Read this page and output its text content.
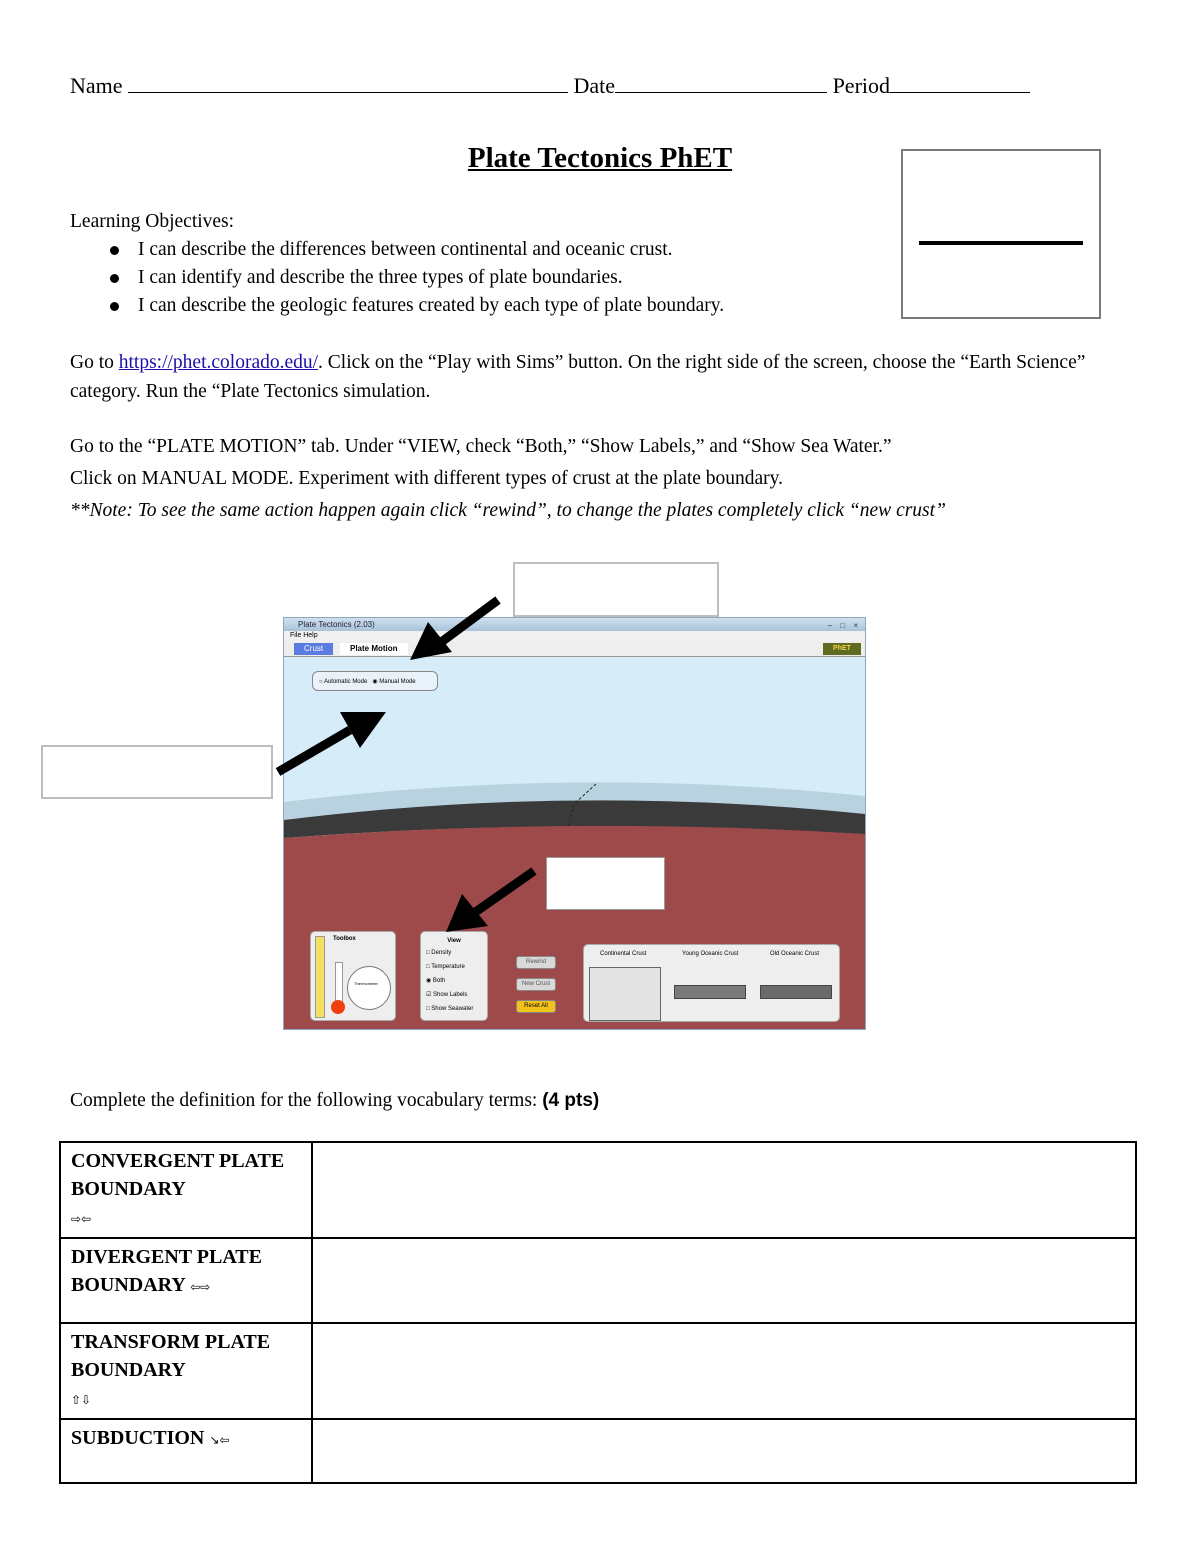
Name	Date	Period
Plate Tectonics PhET
Learning Objectives:
I can describe the differences between continental and oceanic crust.
I can identify and describe the three types of plate boundaries.
I can describe the geologic features created by each type of plate boundary.
Go to https://phet.colorado.edu/. Click on the “Play with Sims” button. On the right side of the screen, choose the “Earth Science” category. Run the “Plate Tectonics simulation.
Go to the “PLATE MOTION” tab. Under “VIEW, check “Both,” “Show Labels,” and “Show Sea Water.”
Click on MANUAL MODE. Experiment with different types of crust at the plate boundary.
**Note: To see the same action happen again click “rewind”, to change the plates completely click “new crust”
Plate Tectonics (2.03)	– □ ×
File Help
Crust	Plate Motion	PhET
○ Automatic Mode ◉ Manual Mode
Toolbox
Thermometer
View
□ Density
□ Temperature
◉ Both
☑ Show Labels
□ Show Seawater
Rewind
New Crust
Reset All
Continental Crust	Young Oceanic Crust	Old Oceanic Crust
Complete the definition for the following vocabulary terms: (4 pts)
CONVERGENT PLATE BOUNDARY
⇨⇦	
DIVERGENT PLATE BOUNDARY ⇦⇨	
TRANSFORM PLATE BOUNDARY
⇧⇩	
SUBDUCTION ↘⇦	
